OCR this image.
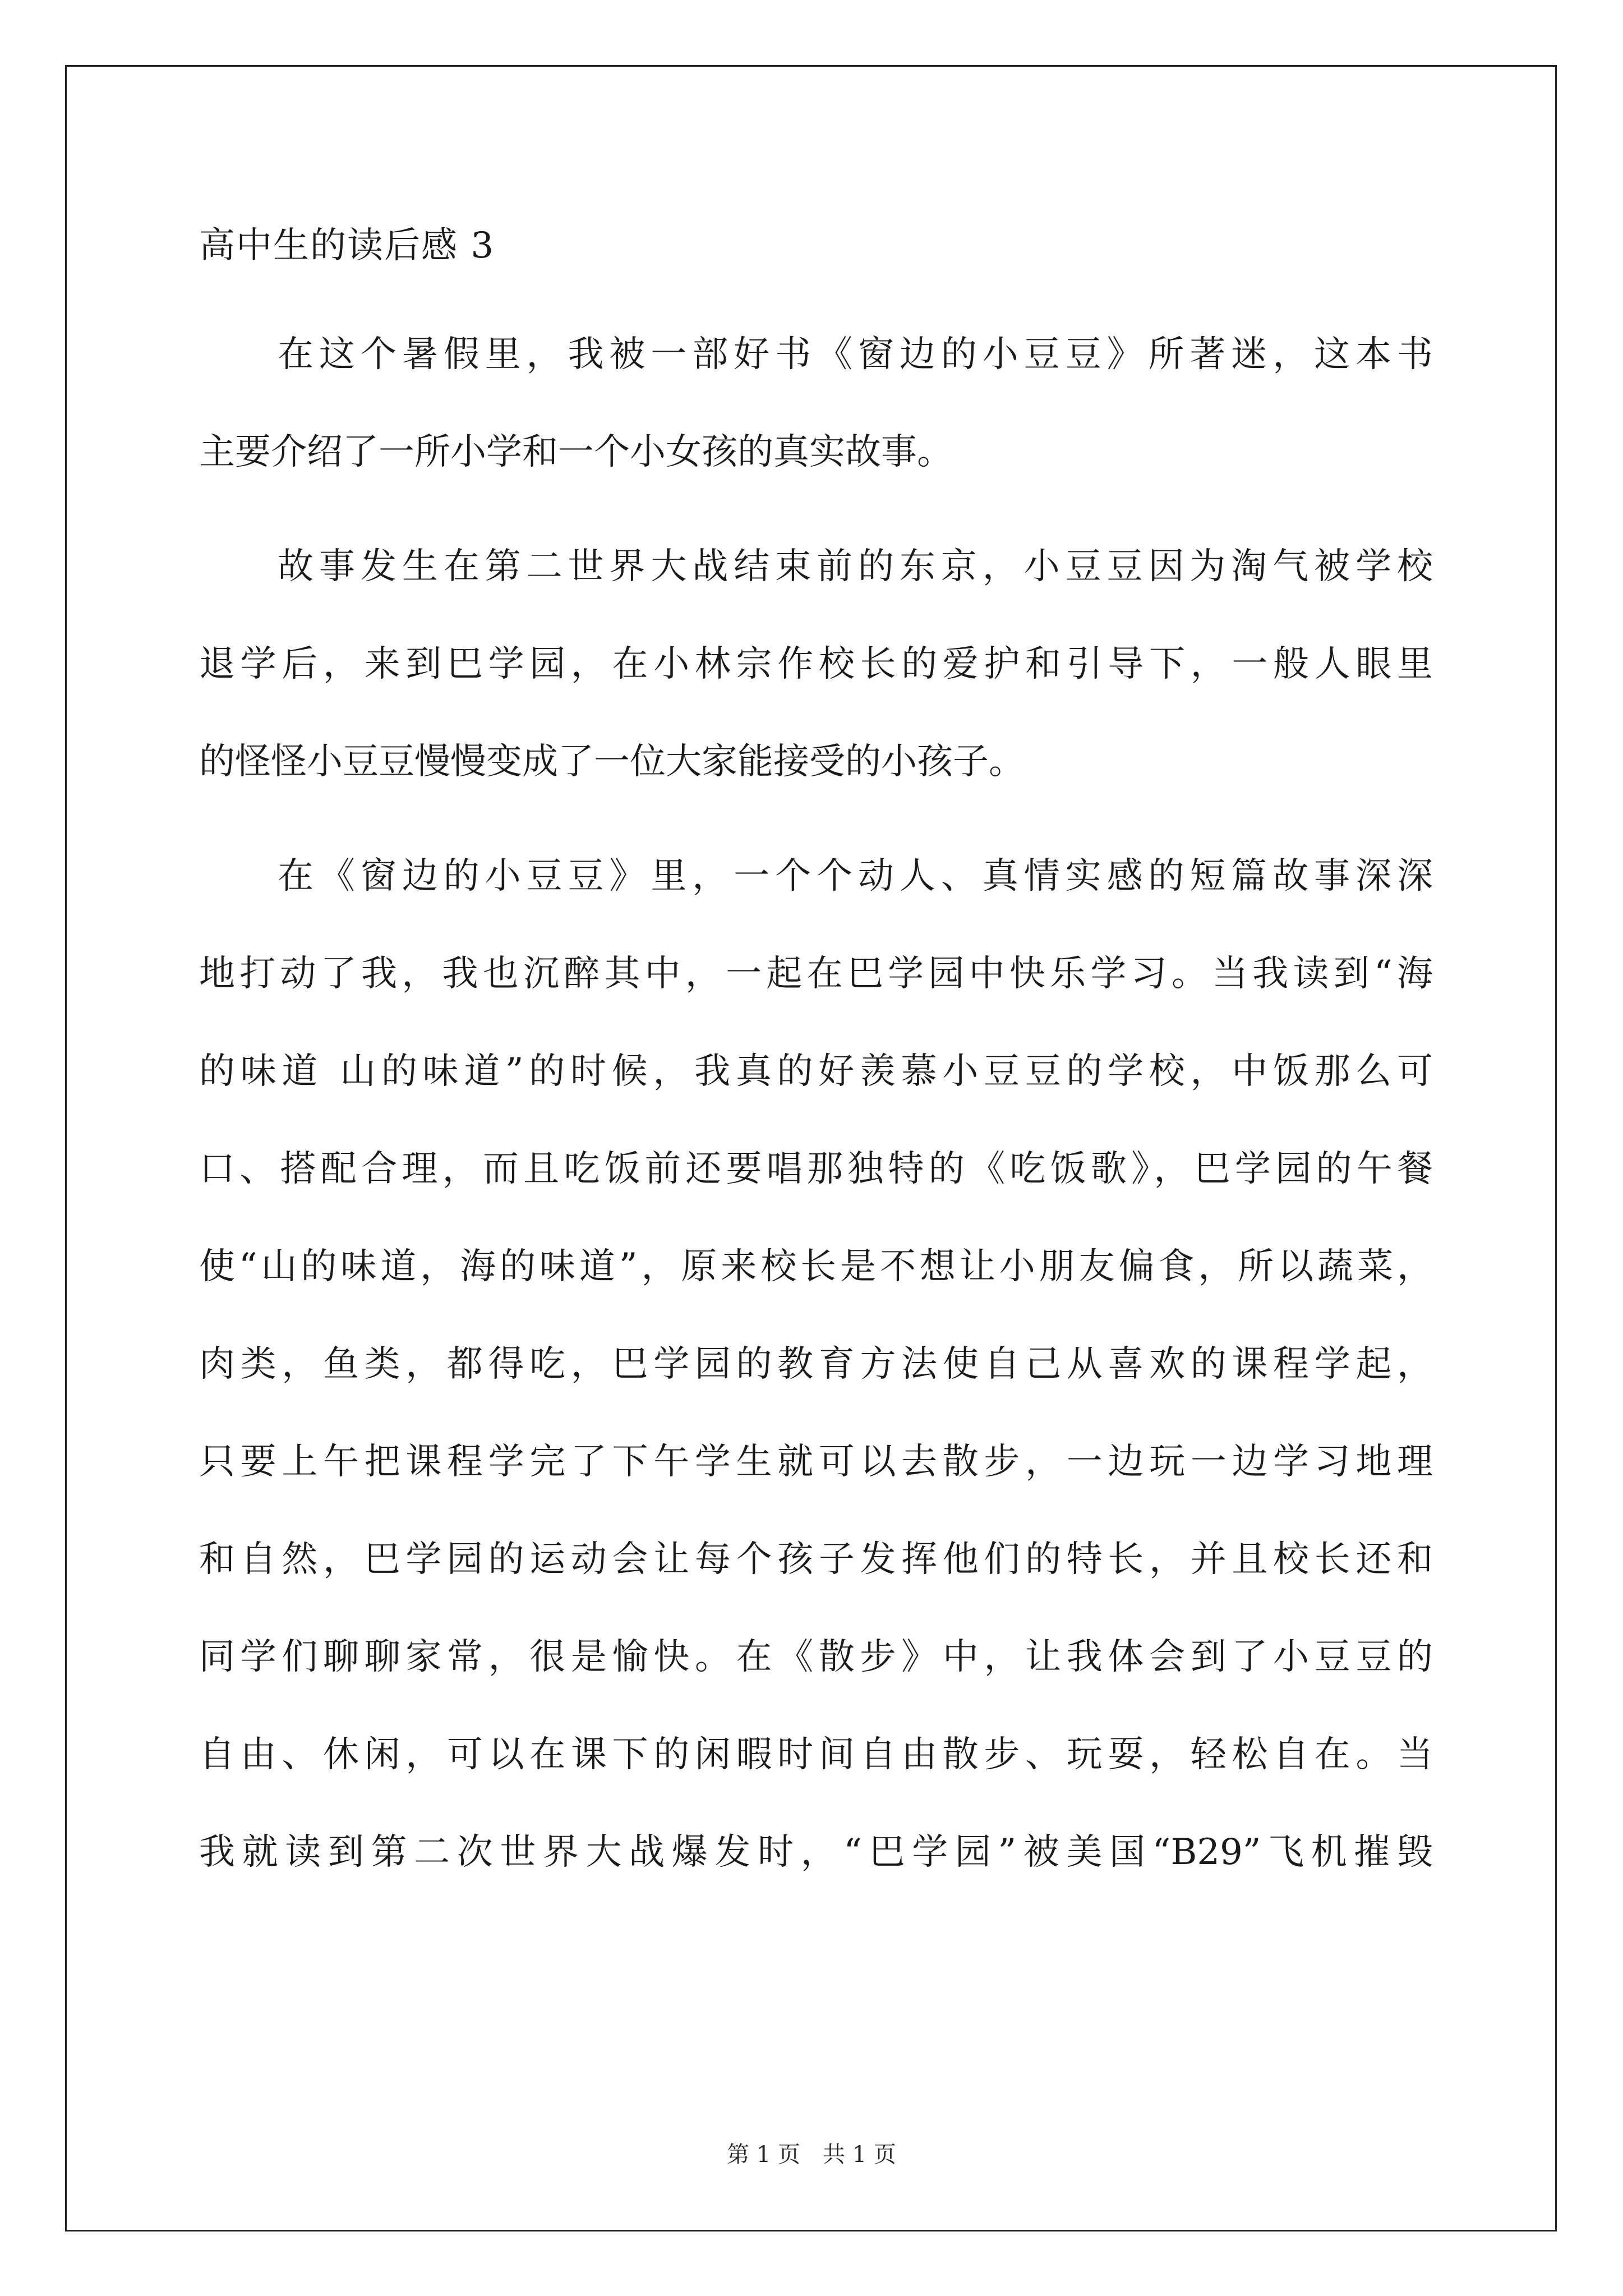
高中生的读后感 3
在这个暑假里，我被一部好书《窗边的小豆豆》所著迷，这本书
主要介绍了一所小学和一个小女孩的真实故事。
故事发生在第二世界大战结束前的东京，小豆豆因为淘气被学校
退学后，来到巴学园，在小林宗作校长的爱护和引导下，一般人眼里
的怪怪小豆豆慢慢变成了一位大家能接受的小孩子。
在《窗边的小豆豆》里，一个个动人、真情实感的短篇故事深深
地打动了我，我也沉醉其中，一起在巴学园中快乐学习。当我读到“海
的味道 山的味道”的时候，我真的好羡慕小豆豆的学校，中饭那么可
口、搭配合理，而且吃饭前还要唱那独特的《吃饭歌》，巴学园的午餐
使“山的味道，海的味道”，原来校长是不想让小朋友偏食，所以蔬菜，
肉类，鱼类，都得吃，巴学园的教育方法使自己从喜欢的课程学起，
只要上午把课程学完了下午学生就可以去散步，一边玩一边学习地理
和自然，巴学园的运动会让每个孩子发挥他们的特长，并且校长还和
同学们聊聊家常，很是愉快。在《散步》中，让我体会到了小豆豆的
自由、休闲，可以在课下的闲暇时间自由散步、玩耍，轻松自在。当
我就读到第二次世界大战爆发时，“巴学园”被美国“B29”飞机摧毁
第 1 页　共 1 页
